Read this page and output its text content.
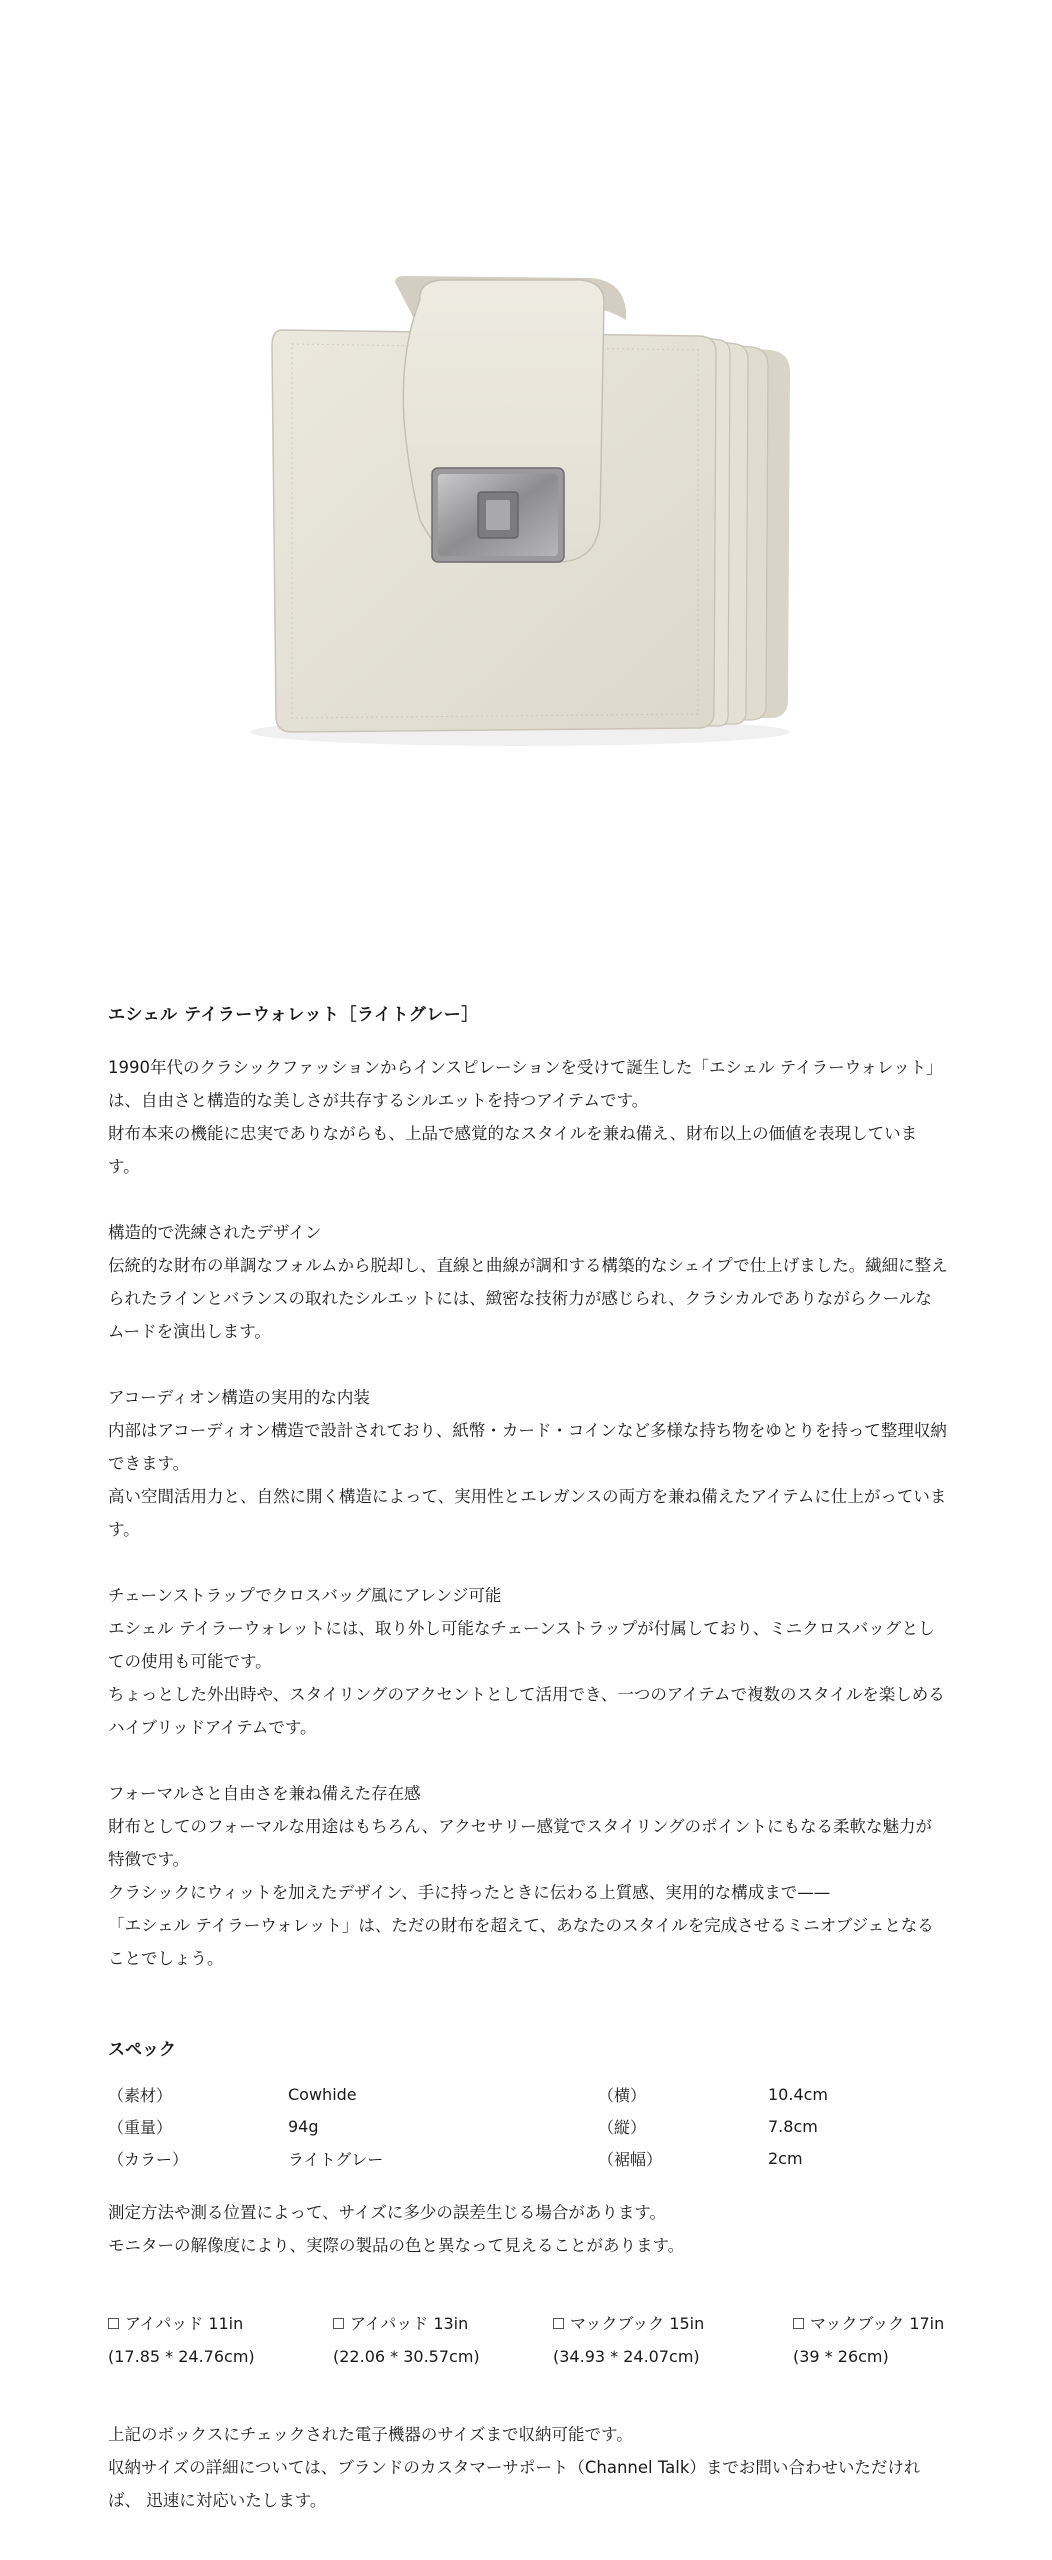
エシェル テイラーウォレット［ライトグレー］

1990年代のクラシックファッションからインスピレーションを受けて誕生した「エシェル テイラーウォレット」は、自由さと構造的な美しさが共存するシルエットを持つアイテムです。

財布本来の機能に忠実でありながらも、上品で感覚的なスタイルを兼ね備え、財布以上の価値を表現しています。

構造的で洗練されたデザイン

伝統的な財布の単調なフォルムから脱却し、直線と曲線が調和する構築的なシェイプで仕上げました。繊細に整えられたラインとバランスの取れたシルエットには、緻密な技術力が感じられ、クラシカルでありながらクールなムードを演出します。

アコーディオン構造の実用的な内装

内部はアコーディオン構造で設計されており、紙幣・カード・コインなど多様な持ち物をゆとりを持って整理収納できます。

高い空間活用力と、自然に開く構造によって、実用性とエレガンスの両方を兼ね備えたアイテムに仕上がっています。

チェーンストラップでクロスバッグ風にアレンジ可能

エシェル テイラーウォレットには、取り外し可能なチェーンストラップが付属しており、ミニクロスバッグとしての使用も可能です。

ちょっとした外出時や、スタイリングのアクセントとして活用でき、一つのアイテムで複数のスタイルを楽しめるハイブリッドアイテムです。

フォーマルさと自由さを兼ね備えた存在感

財布としてのフォーマルな用途はもちろん、アクセサリー感覚でスタイリングのポイントにもなる柔軟な魅力が特徴です。

クラシックにウィットを加えたデザイン、手に持ったときに伝わる上質感、実用的な構成まで——

「エシェル テイラーウォレット」は、ただの財布を超えて、あなたのスタイルを完成させるミニオブジェとなることでしょう。

スペック
（素材）	Cowhide	（横）	10.4cm
（重量）	94g	（縦）	7.8cm
（カラー）	ライトグレー	（裾幅）	2cm

測定方法や測る位置によって、サイズに多少の誤差生じる場合があります。

モニターの解像度により、実際の製品の色と異なって見えることがあります。

アイパッド 11in
(17.85 * 24.76cm)
アイパッド 13in
(22.06 * 30.57cm)
マックブック 15in
(34.93 * 24.07cm)
マックブック 17in
(39 * 26cm)

上記のボックスにチェックされた電子機器のサイズまで収納可能です。

収納サイズの詳細については、ブランドのカスタマーサポート（Channel Talk）までお問い合わせいただければ、 迅速に対応いたします。
